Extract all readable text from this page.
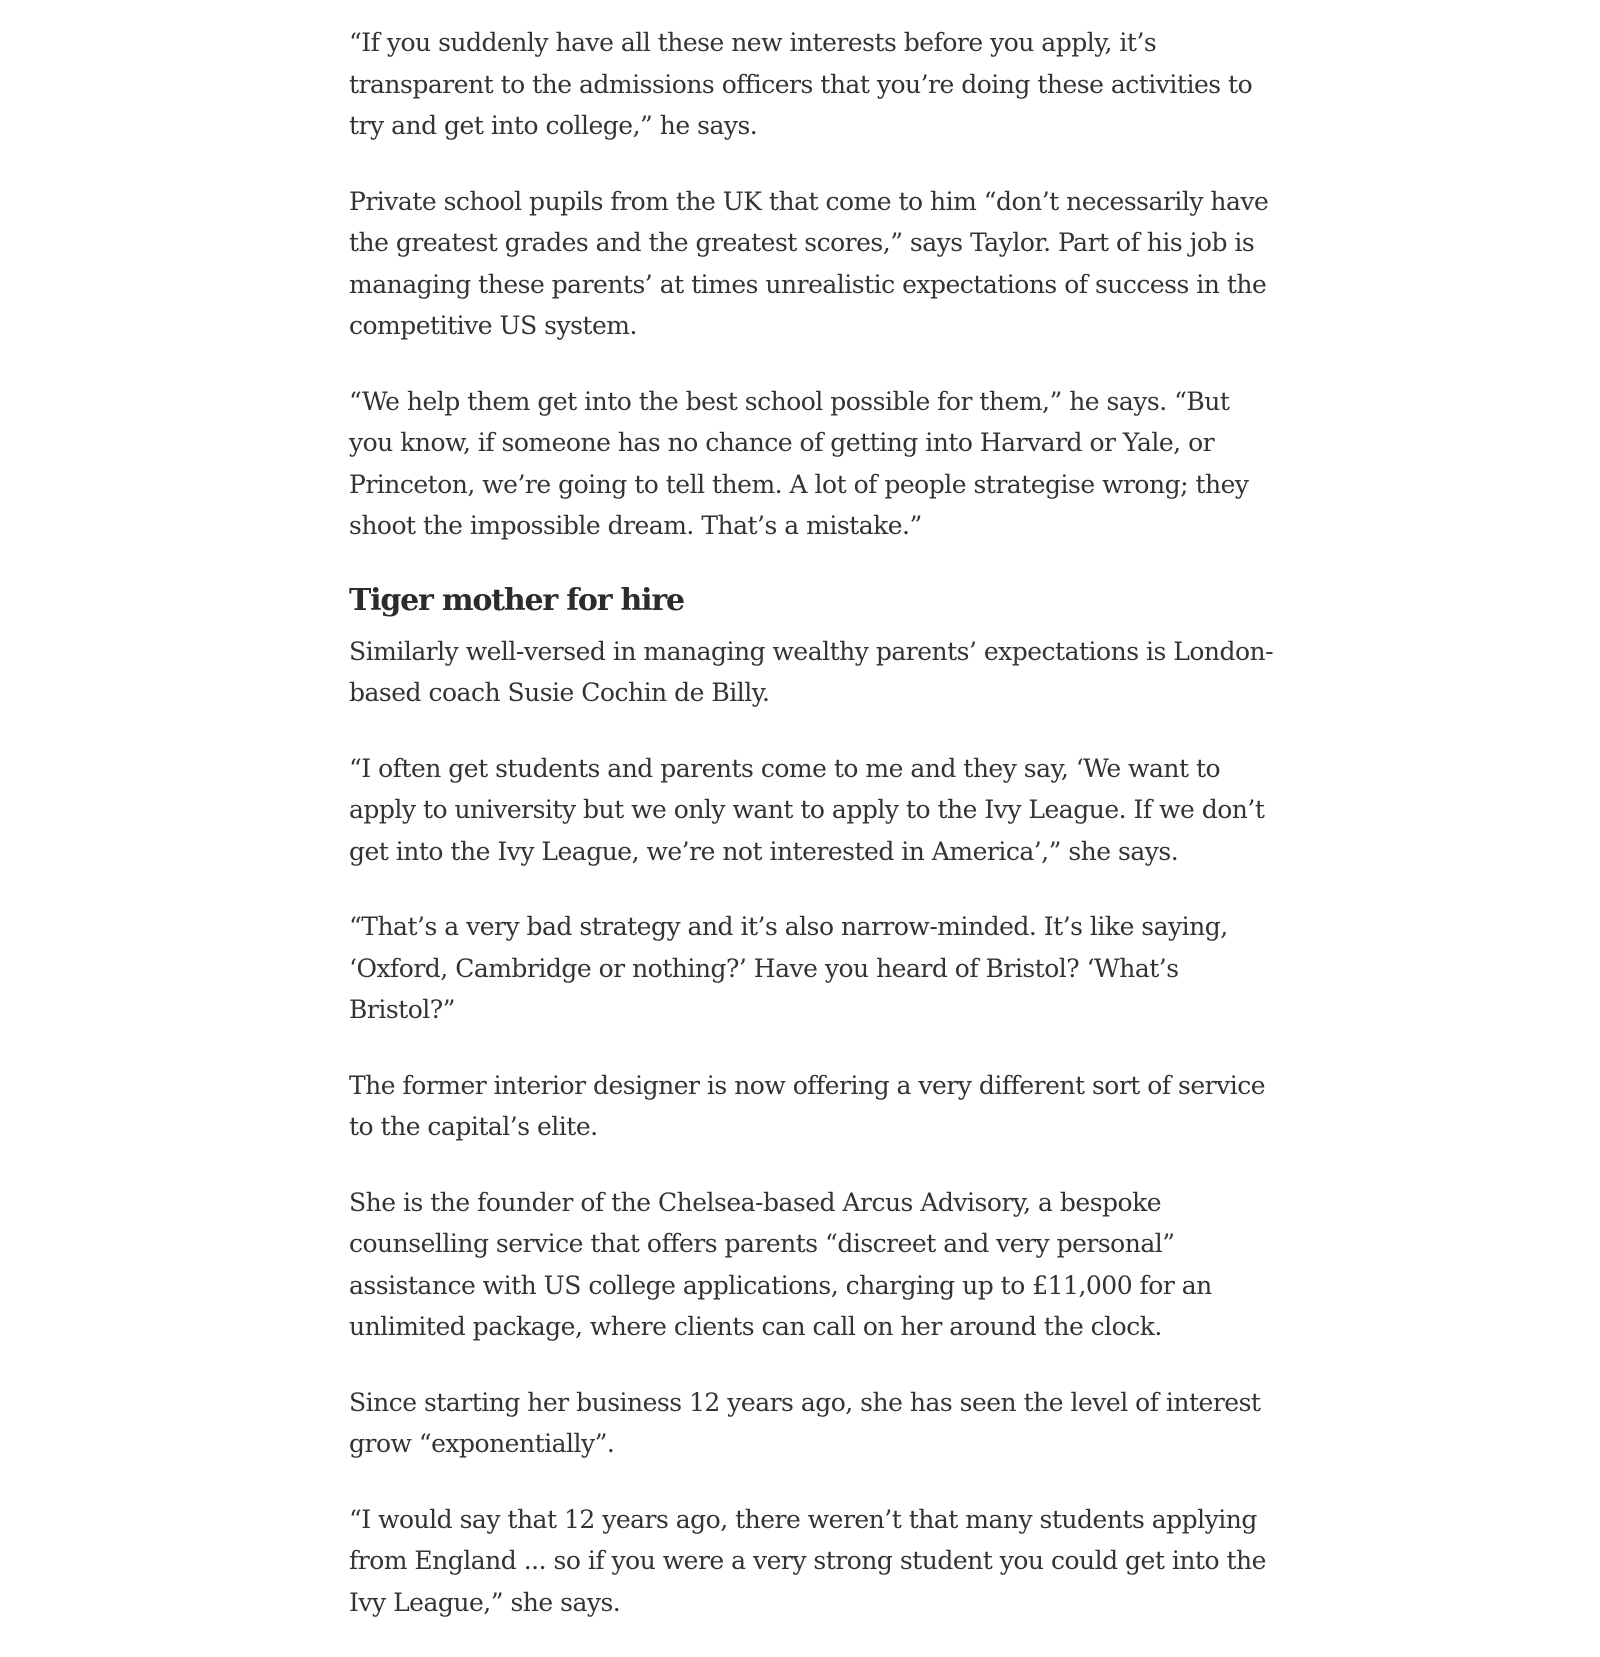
“If you suddenly have all these new interests before you apply, it’s transparent to the admissions officers that you’re doing these activities to try and get into college,” he says.

Private school pupils from the UK that come to him “don’t necessarily have the greatest grades and the greatest scores,” says Taylor. Part of his job is managing these parents’ at times unrealistic expectations of success in the competitive US system.

“We help them get into the best school possible for them,” he says. “But you know, if someone has no chance of getting into Harvard or Yale, or Princeton, we’re going to tell them. A lot of people strategise wrong; they shoot the impossible dream. That’s a mistake.”

Tiger mother for hire

Similarly well-versed in managing wealthy parents’ expectations is London-based coach Susie Cochin de Billy.

“I often get students and parents come to me and they say, ‘We want to apply to university but we only want to apply to the Ivy League. If we don’t get into the Ivy League, we’re not interested in America’,” she says.

“That’s a very bad strategy and it’s also narrow-minded. It’s like saying, ‘Oxford, Cambridge or nothing?’ Have you heard of Bristol? ‘What’s Bristol?”

The former interior designer is now offering a very different sort of service to the capital’s elite.

She is the founder of the Chelsea-based Arcus Advisory, a bespoke counselling service that offers parents “discreet and very personal” assistance with US college applications, charging up to £11,000 for an unlimited package, where clients can call on her around the clock.

Since starting her business 12 years ago, she has seen the level of interest grow “exponentially”.

“I would say that 12 years ago, there weren’t that many students applying from England ... so if you were a very strong student you could get into the Ivy League,” she says.
